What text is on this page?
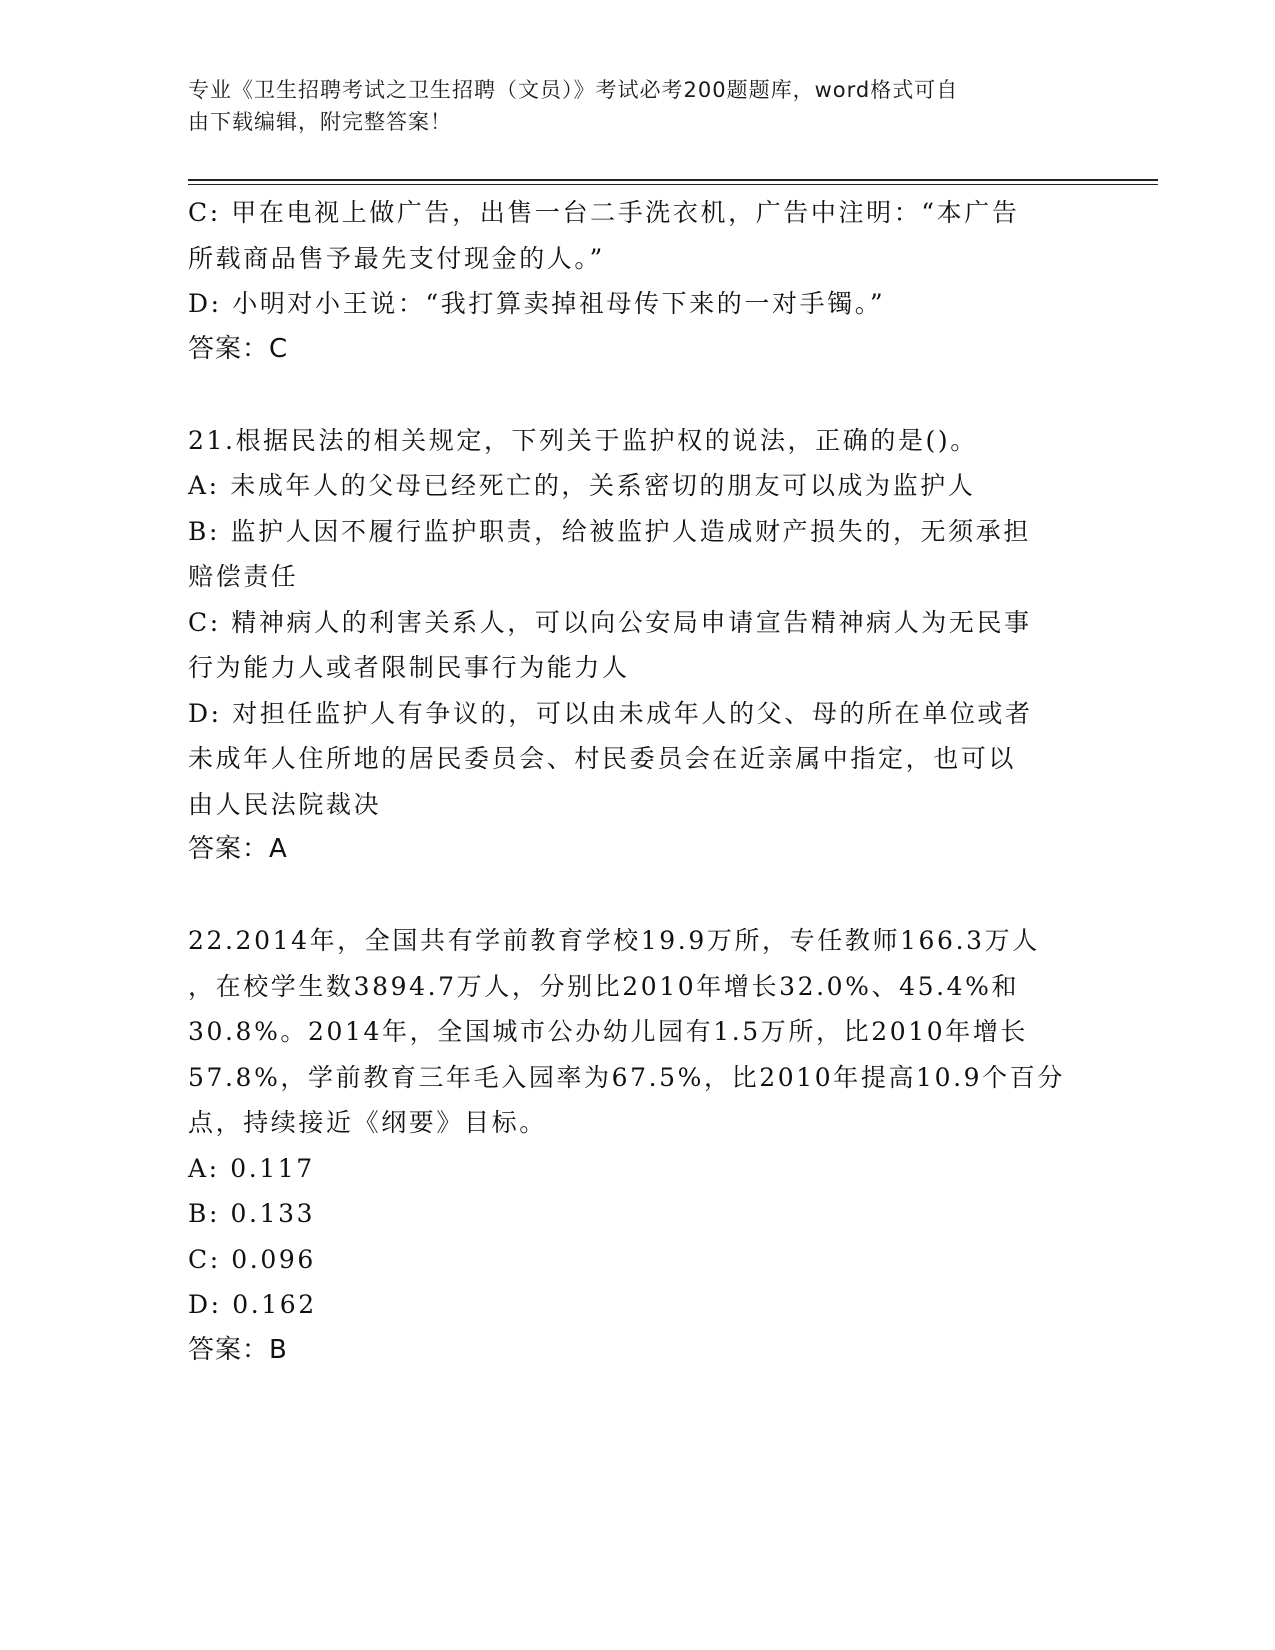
专业《卫生招聘考试之卫生招聘（文员）》考试必考200题题库，word格式可自
由下载编辑，附完整答案！
C: 甲在电视上做广告，出售一台二手洗衣机，广告中注明：“本广告
所载商品售予最先支付现金的人。”
D: 小明对小王说：“我打算卖掉祖母传下来的一对手镯。”
答案：C
21.根据民法的相关规定，下列关于监护权的说法，正确的是()。
A: 未成年人的父母已经死亡的，关系密切的朋友可以成为监护人
B: 监护人因不履行监护职责，给被监护人造成财产损失的，无须承担
赔偿责任
C: 精神病人的利害关系人，可以向公安局申请宣告精神病人为无民事
行为能力人或者限制民事行为能力人
D: 对担任监护人有争议的，可以由未成年人的父、母的所在单位或者
未成年人住所地的居民委员会、村民委员会在近亲属中指定，也可以
由人民法院裁决
答案：A
22.2014年，全国共有学前教育学校19.9万所，专任教师166.3万人
，在校学生数3894.7万人，分别比2010年增长32.0%、45.4%和
30.8%。2014年，全国城市公办幼儿园有1.5万所，比2010年增长
57.8%，学前教育三年毛入园率为67.5%，比2010年提高10.9个百分
点，持续接近《纲要》目标。
A: 0.117
B: 0.133
C: 0.096
D: 0.162
答案：B
